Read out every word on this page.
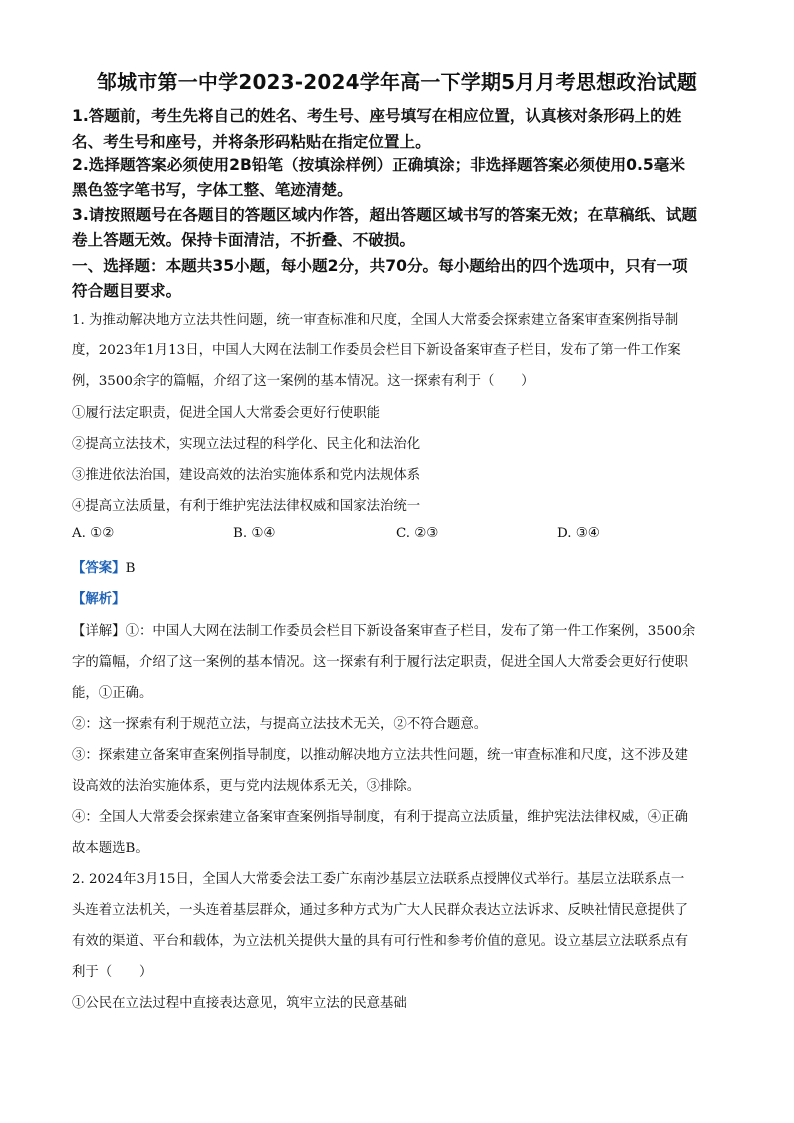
邹城市第一中学2023-2024学年高一下学期5月月考思想政治试题
1.答题前，考生先将自己的姓名、考生号、座号填写在相应位置，认真核对条形码上的姓
名、考生号和座号，并将条形码粘贴在指定位置上。
2.选择题答案必须使用2B铅笔（按填涂样例）正确填涂；非选择题答案必须使用0.5毫米
黑色签字笔书写，字体工整、笔迹清楚。
3.请按照题号在各题目的答题区域内作答，超出答题区域书写的答案无效；在草稿纸、试题
卷上答题无效。保持卡面清洁，不折叠、不破损。
一、选择题：本题共35小题，每小题2分，共70分。每小题给出的四个选项中，只有一项
符合题目要求。
1. 为推动解决地方立法共性问题，统一审查标准和尺度，全国人大常委会探索建立备案审查案例指导制
度，2023年1月13日，中国人大网在法制工作委员会栏目下新设备案审查子栏目，发布了第一件工作案
例，3500余字的篇幅，介绍了这一案例的基本情况。这一探索有利于（　　）
①履行法定职责，促进全国人大常委会更好行使职能
②提高立法技术，实现立法过程的科学化、民主化和法治化
③推进依法治国，建设高效的法治实施体系和党内法规体系
④提高立法质量，有利于维护宪法法律权威和国家法治统一
A. ①②	B. ①④	C. ②③	D. ③④
【答案】B
【解析】
【详解】①：中国人大网在法制工作委员会栏目下新设备案审查子栏目，发布了第一件工作案例，3500余
字的篇幅，介绍了这一案例的基本情况。这一探索有利于履行法定职责，促进全国人大常委会更好行使职
能，①正确。
②：这一探索有利于规范立法，与提高立法技术无关，②不符合题意。
③：探索建立备案审查案例指导制度，以推动解决地方立法共性问题，统一审查标准和尺度，这不涉及建
设高效的法治实施体系，更与党内法规体系无关，③排除。
④：全国人大常委会探索建立备案审查案例指导制度，有利于提高立法质量，维护宪法法律权威，④正确
故本题选B。
2. 2024年3月15日，全国人大常委会法工委广东南沙基层立法联系点授牌仪式举行。基层立法联系点一
头连着立法机关，一头连着基层群众，通过多种方式为广大人民群众表达立法诉求、反映社情民意提供了
有效的渠道、平台和载体，为立法机关提供大量的具有可行性和参考价值的意见。设立基层立法联系点有
利于（　　）
①公民在立法过程中直接表达意见，筑牢立法的民意基础
